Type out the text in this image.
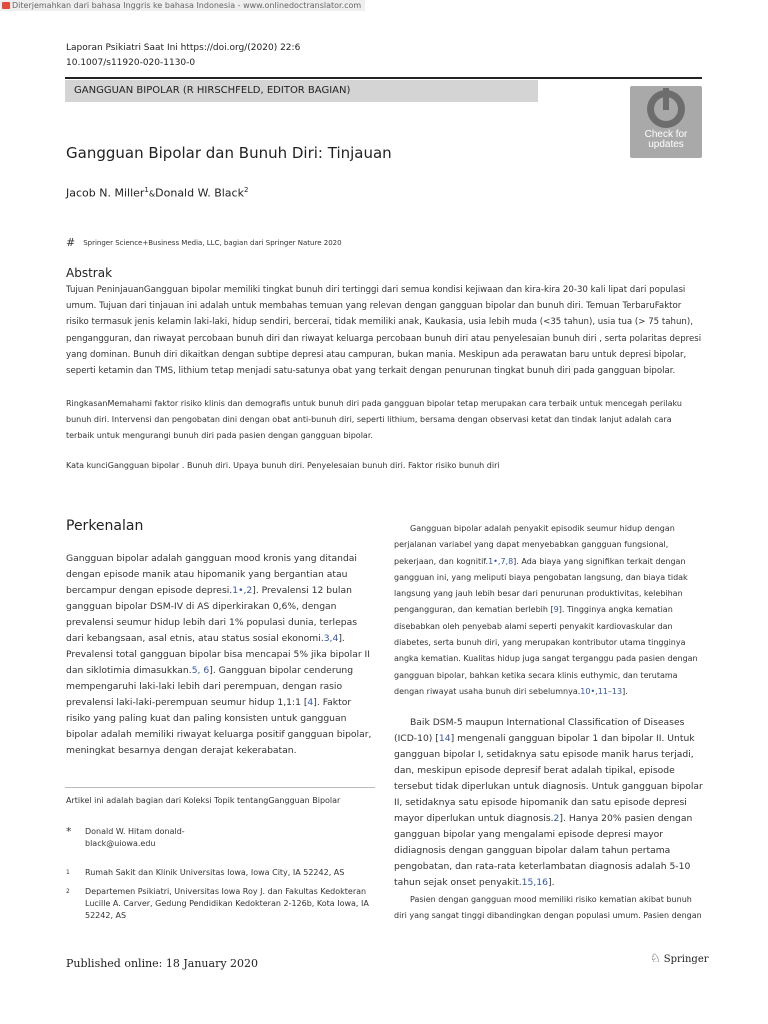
Diterjemahkan dari bahasa Inggris ke bahasa Indonesia - www.onlinedoctranslator.com
Laporan Psikiatri Saat Ini https://doi.org/(2020) 22:6
10.1007/s11920-020-1130-0
GANGGUAN BIPOLAR (R HIRSCHFELD, EDITOR BAGIAN)
Check for
updates
Gangguan Bipolar dan Bunuh Diri: Tinjauan
Jacob N. Miller$^1$&Donald W. Black$^2$
# Springer Science+Business Media, LLC, bagian dari Springer Nature 2020
Abstrak
Tujuan PeninjauanGangguan bipolar memiliki tingkat bunuh diri tertinggi dari semua kondisi kejiwaan dan kira-kira 20-30 kali lipat dari populasi umum. Tujuan dari tinjauan ini adalah untuk membahas temuan yang relevan dengan gangguan bipolar dan bunuh diri. Temuan TerbaruFaktor risiko termasuk jenis kelamin laki-laki, hidup sendiri, bercerai, tidak memiliki anak, Kaukasia, usia lebih muda (<35 tahun), usia tua (> 75 tahun), pengangguran, dan riwayat percobaan bunuh diri dan riwayat keluarga percobaan bunuh diri atau penyelesaian bunuh diri , serta polaritas depresi yang dominan. Bunuh diri dikaitkan dengan subtipe depresi atau campuran, bukan mania. Meskipun ada perawatan baru untuk depresi bipolar, seperti ketamin dan TMS, lithium tetap menjadi satu-satunya obat yang terkait dengan penurunan tingkat bunuh diri pada gangguan bipolar.
RingkasanMemahami faktor risiko klinis dan demografis untuk bunuh diri pada gangguan bipolar tetap merupakan cara terbaik untuk mencegah perilaku bunuh diri. Intervensi dan pengobatan dini dengan obat anti-bunuh diri, seperti lithium, bersama dengan observasi ketat dan tindak lanjut adalah cara terbaik untuk mengurangi bunuh diri pada pasien dengan gangguan bipolar.
Kata kunciGangguan bipolar . Bunuh diri. Upaya bunuh diri. Penyelesaian bunuh diri. Faktor risiko bunuh diri
Perkenalan
Gangguan bipolar adalah gangguan mood kronis yang ditandai dengan episode manik atau hipomanik yang bergantian atau bercampur dengan episode depresi.1•,2]. Prevalensi 12 bulan gangguan bipolar DSM-IV di AS diperkirakan 0,6%, dengan prevalensi seumur hidup lebih dari 1% populasi dunia, terlepas dari kebangsaan, asal etnis, atau status sosial ekonomi.3,4]. Prevalensi total gangguan bipolar bisa mencapai 5% jika bipolar II dan siklotimia dimasukkan.5, 6]. Gangguan bipolar cenderung mempengaruhi laki-laki lebih dari perempuan, dengan rasio prevalensi laki-laki-perempuan seumur hidup 1,1:1 [4]. Faktor risiko yang paling kuat dan paling konsisten untuk gangguan bipolar adalah memiliki riwayat keluarga positif gangguan bipolar, meningkat besarnya dengan derajat kekerabatan.
Gangguan bipolar adalah penyakit episodik seumur hidup dengan perjalanan variabel yang dapat menyebabkan gangguan fungsional, pekerjaan, dan kognitif.1•,7,8]. Ada biaya yang signifikan terkait dengan gangguan ini, yang meliputi biaya pengobatan langsung, dan biaya tidak langsung yang jauh lebih besar dari penurunan produktivitas, kelebihan pengangguran, dan kematian berlebih [9]. Tingginya angka kematian disebabkan oleh penyebab alami seperti penyakit kardiovaskular dan diabetes, serta bunuh diri, yang merupakan kontributor utama tingginya angka kematian. Kualitas hidup juga sangat terganggu pada pasien dengan gangguan bipolar, bahkan ketika secara klinis euthymic, dan terutama dengan riwayat usaha bunuh diri sebelumnya.10•,11–13].
Baik DSM-5 maupun International Classification of Diseases (ICD-10) [14] mengenali gangguan bipolar 1 dan bipolar II. Untuk gangguan bipolar I, setidaknya satu episode manik harus terjadi, dan, meskipun episode depresif berat adalah tipikal, episode tersebut tidak diperlukan untuk diagnosis. Untuk gangguan bipolar II, setidaknya satu episode hipomanik dan satu episode depresi mayor diperlukan untuk diagnosis.2]. Hanya 20% pasien dengan gangguan bipolar yang mengalami episode depresi mayor didiagnosis dengan gangguan bipolar dalam tahun pertama pengobatan, dan rata-rata keterlambatan diagnosis adalah 5-10 tahun sejak onset penyakit.15,16].
Pasien dengan gangguan mood memiliki risiko kematian akibat bunuh diri yang sangat tinggi dibandingkan dengan populasi umum. Pasien dengan
Artikel ini adalah bagian dari Koleksi Topik tentangGangguan Bipolar
* Donald W. Hitam donald-black@uiowa.edu
1 Rumah Sakit dan Klinik Universitas Iowa, Iowa City, IA 52242, AS
2 Departemen Psikiatri, Universitas Iowa Roy J. dan Fakultas Kedokteran Lucille A. Carver, Gedung Pendidikan Kedokteran 2-126b, Kota Iowa, IA 52242, AS
Published online: 18 January 2020	♘ Springer
